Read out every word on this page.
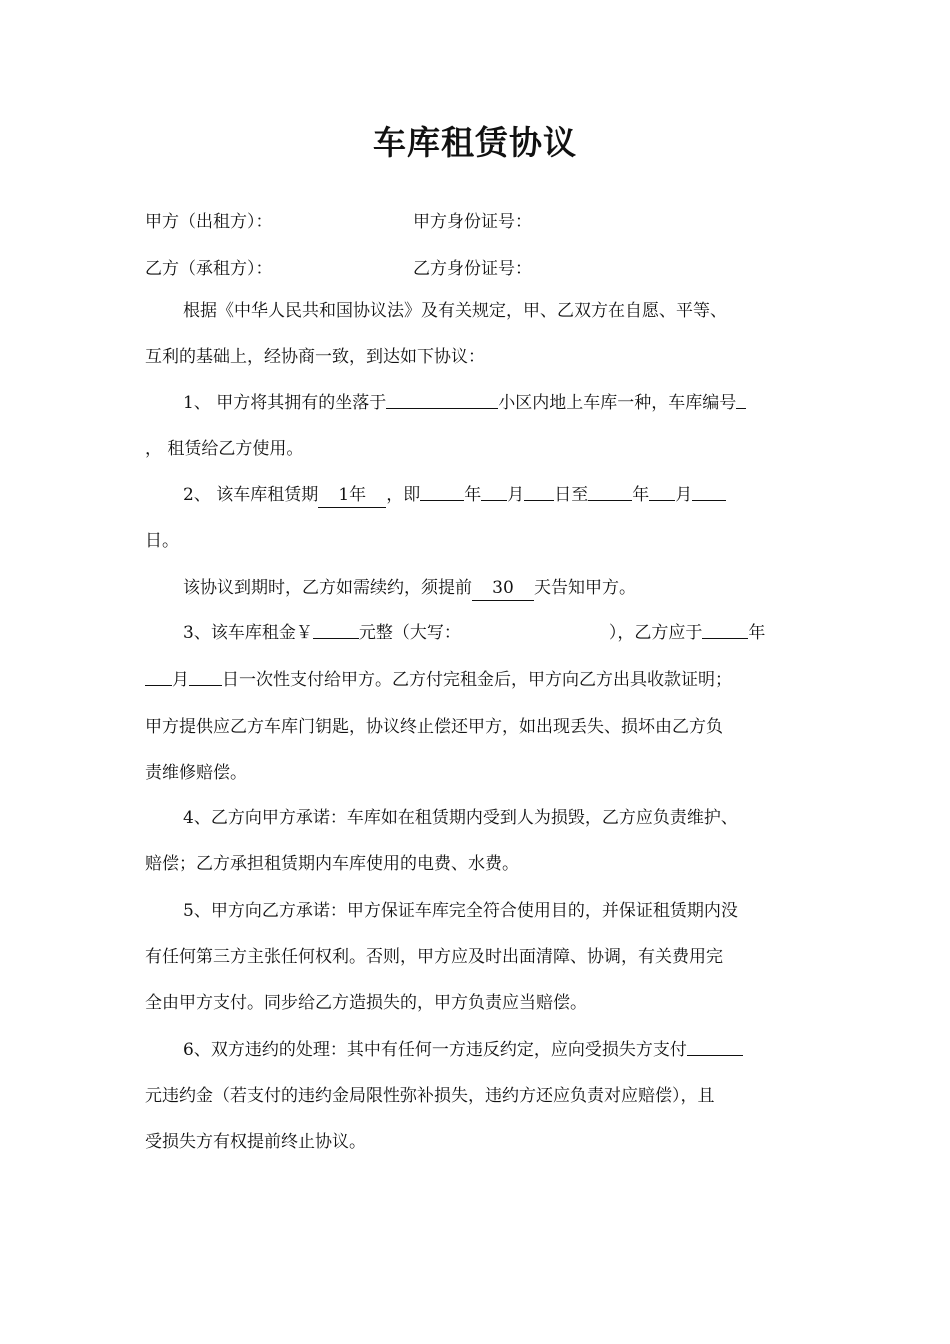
车库租赁协议
甲方（出租方）：	甲方身份证号：
乙方（承租方）：	乙方身份证号：
根据《中华人民共和国协议法》及有关规定，甲、乙双方在自愿、平等、
互利的基础上，经协商一致，到达如下协议：
1、 甲方将其拥有的坐落于	小区内地上车库一种，车库编号
， 租赁给乙方使用。
2、 该车库租赁期 1年 ，即	年 月 日至	年 月
日。
该协议到期时，乙方如需续约，须提前 30 天告知甲方。
3、该车库租金￥	元整（大写：	），乙方应于	年
月 日一次性支付给甲方。乙方付完租金后，甲方向乙方出具收款证明；
甲方提供应乙方车库门钥匙，协议终止偿还甲方，如出现丢失、损坏由乙方负
责维修赔偿。
4、乙方向甲方承诺：车库如在租赁期内受到人为损毁，乙方应负责维护、
赔偿；乙方承担租赁期内车库使用的电费、水费。
5、甲方向乙方承诺：甲方保证车库完全符合使用目的，并保证租赁期内没
有任何第三方主张任何权利。否则，甲方应及时出面清障、协调，有关费用完
全由甲方支付。同步给乙方造损失的，甲方负责应当赔偿。
6、双方违约的处理：其中有任何一方违反约定，应向受损失方支付
元违约金（若支付的违约金局限性弥补损失，违约方还应负责对应赔偿），且
受损失方有权提前终止协议。
